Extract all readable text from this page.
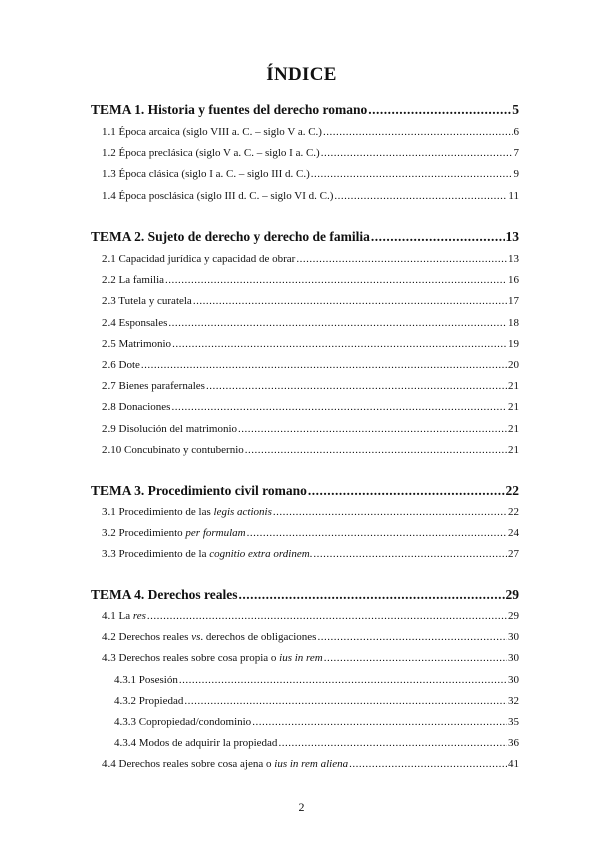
ÍNDICE
TEMA 1. Historia y fuentes del derecho romano .....	5
1.1 Época arcaica (siglo VIII a. C. – siglo V a. C.) .....	6
1.2 Época preclásica (siglo V a. C. – siglo I a. C.) .....	7
1.3 Época clásica (siglo I a. C. – siglo III d. C.) .....	9
1.4 Época posclásica (siglo III d. C. – siglo VI d. C.) .....	11
TEMA 2. Sujeto de derecho y derecho de familia .....	13
2.1 Capacidad jurídica y capacidad de obrar .....	13
2.2 La familia .....	16
2.3 Tutela y curatela .....	17
2.4 Esponsales .....	18
2.5 Matrimonio .....	19
2.6 Dote .....	20
2.7 Bienes parafernales .....	21
2.8 Donaciones .....	21
2.9 Disolución del matrimonio .....	21
2.10 Concubinato y contubernio .....	21
TEMA 3. Procedimiento civil romano .....	22
3.1 Procedimiento de las legis actionis .....	22
3.2 Procedimiento per formulam .....	24
3.3 Procedimiento de la cognitio extra ordinem. .....	27
TEMA 4. Derechos reales .....	29
4.1 La res .....	29
4.2 Derechos reales vs. derechos de obligaciones .....	30
4.3 Derechos reales sobre cosa propia o ius in rem .....	30
4.3.1 Posesión .....	30
4.3.2 Propiedad .....	32
4.3.3 Copropiedad/condominio .....	35
4.3.4 Modos de adquirir la propiedad .....	36
4.4 Derechos reales sobre cosa ajena o ius in rem aliena .....	41
2
